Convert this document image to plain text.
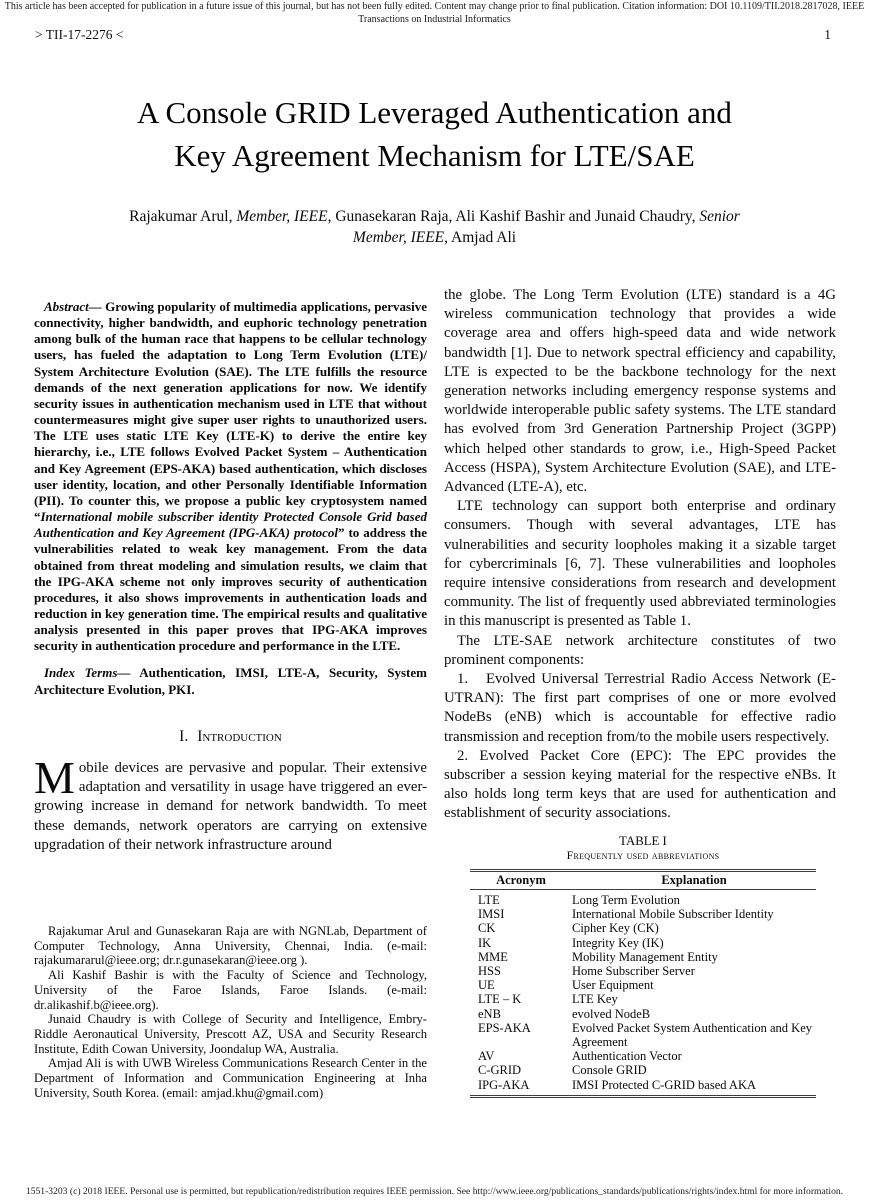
This article has been accepted for publication in a future issue of this journal, but has not been fully edited. Content may change prior to final publication. Citation information: DOI 10.1109/TII.2018.2817028, IEEE
Transactions on Industrial Informatics
> TII-17-2276 <	1
A Console GRID Leveraged Authentication and
Key Agreement Mechanism for LTE/SAE
Rajakumar Arul, Member, IEEE, Gunasekaran Raja, Ali Kashif Bashir and Junaid Chaudry, Senior
Member, IEEE, Amjad Ali

Abstract— Growing popularity of multimedia applications, pervasive connectivity, higher bandwidth, and euphoric technology penetration among bulk of the human race that happens to be cellular technology users, has fueled the adaptation to Long Term Evolution (LTE)/ System Architecture Evolution (SAE). The LTE fulfills the resource demands of the next generation applications for now. We identify security issues in authentication mechanism used in LTE that without countermeasures might give super user rights to unauthorized users. The LTE uses static LTE Key (LTE-K) to derive the entire key hierarchy, i.e., LTE follows Evolved Packet System – Authentication and Key Agreement (EPS-AKA) based authentication, which discloses user identity, location, and other Personally Identifiable Information (PII). To counter this, we propose a public key cryptosystem named “International mobile subscriber identity Protected Console Grid based Authentication and Key Agreement (IPG-AKA) protocol” to address the vulnerabilities related to weak key management. From the data obtained from threat modeling and simulation results, we claim that the IPG-AKA scheme not only improves security of authentication procedures, it also shows improvements in authentication loads and reduction in key generation time. The empirical results and qualitative analysis presented in this paper proves that IPG-AKA improves security in authentication procedure and performance in the LTE.

Index Terms— Authentication, IMSI, LTE-A, Security, System Architecture Evolution, PKI.

I. Introduction

Mobile devices are pervasive and popular. Their extensive adaptation and versatility in usage have triggered an ever-growing increase in demand for network bandwidth. To meet these demands, network operators are carrying on extensive upgradation of their network infrastructure around

Rajakumar Arul and Gunasekaran Raja are with NGNLab, Department of Computer Technology, Anna University, Chennai, India. (e-mail: rajakumararul@ieee.org; dr.r.gunasekaran@ieee.org ).

Ali Kashif Bashir is with the Faculty of Science and Technology, University of the Faroe Islands, Faroe Islands. (e-mail: dr.alikashif.b@ieee.org).

Junaid Chaudry is with College of Security and Intelligence, Embry-Riddle Aeronautical University, Prescott AZ, USA and Security Research Institute, Edith Cowan University, Joondalup WA, Australia.

Amjad Ali is with UWB Wireless Communications Research Center in the Department of Information and Communication Engineering at Inha University, South Korea. (email: amjad.khu@gmail.com)

the globe. The Long Term Evolution (LTE) standard is a 4G wireless communication technology that provides a wide coverage area and offers high-speed data and wide network bandwidth [1]. Due to network spectral efficiency and capability, LTE is expected to be the backbone technology for the next generation networks including emergency response systems and worldwide interoperable public safety systems. The LTE standard has evolved from 3rd Generation Partnership Project (3GPP) which helped other standards to grow, i.e., High-Speed Packet Access (HSPA), System Architecture Evolution (SAE), and LTE-Advanced (LTE-A), etc.

LTE technology can support both enterprise and ordinary consumers. Though with several advantages, LTE has vulnerabilities and security loopholes making it a sizable target for cybercriminals [6, 7]. These vulnerabilities and loopholes require intensive considerations from research and development community. The list of frequently used abbreviated terminologies in this manuscript is presented as Table 1.

The LTE-SAE network architecture constitutes of two prominent components:

1.   Evolved Universal Terrestrial Radio Access Network (E-UTRAN): The first part comprises of one or more evolved NodeBs (eNB) which is accountable for effective radio transmission and reception from/to the mobile users respectively.

2. Evolved Packet Core (EPC): The EPC provides the subscriber a session keying material for the respective eNBs. It also holds long term keys that are used for authentication and establishment of security associations.

TABLE I
Frequently used abbreviations
Acronym	Explanation
LTE	Long Term Evolution
IMSI	International Mobile Subscriber Identity
CK	Cipher Key (CK)
IK	Integrity Key (IK)
MME	Mobility Management Entity
HSS	Home Subscriber Server
UE	User Equipment
LTE – K	LTE Key
eNB	evolved NodeB
EPS-AKA	Evolved Packet System Authentication and Key Agreement
AV	Authentication Vector
C-GRID	Console GRID
IPG-AKA	IMSI Protected C-GRID based AKA
1551-3203 (c) 2018 IEEE. Personal use is permitted, but republication/redistribution requires IEEE permission. See http://www.ieee.org/publications_standards/publications/rights/index.html for more information.
